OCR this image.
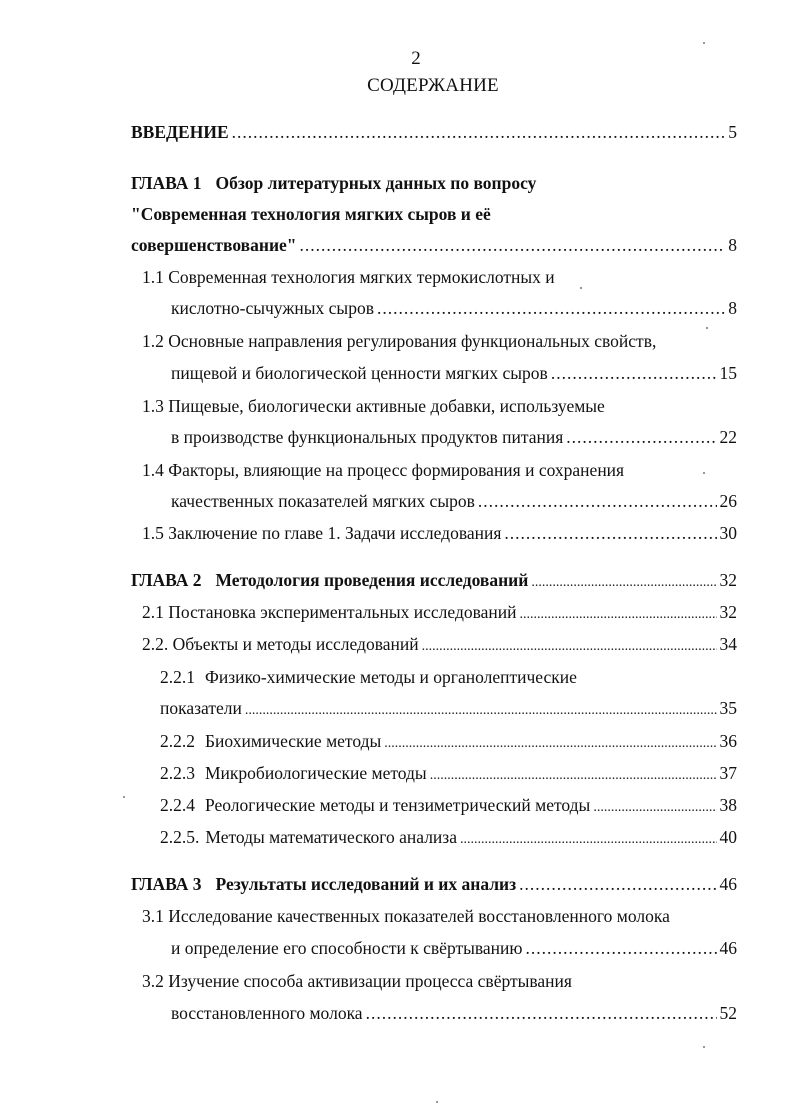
2
СОДЕРЖАНИЕ
ВВЕДЕНИЕ .....	5
ГЛАВА 1 Обзор литературных данных по вопросу
"Современная технология мягких сыров и её
совершенствование" .....	8
1.1 Современная технология мягких термокислотных и
кислотно-сычужных сыров .....	8
1.2 Основные направления регулирования функциональных свойств,
пищевой и биологической ценности мягких сыров .....	15
1.3 Пищевые, биологически активные добавки, используемые
в производстве функциональных продуктов питания .....	22
1.4 Факторы, влияющие на процесс формирования и сохранения
качественных показателей мягких сыров .....	26
1.5 Заключение по главе 1. Задачи исследования .....	30
ГЛАВА 2 Методология проведения исследований .....	32
2.1 Постановка экспериментальных исследований .....	32
2.2. Объекты и методы исследований .....	34
2.2.1 Физико-химические методы и органолептические
показатели .....	35
2.2.2 Биохимические методы .....	36
2.2.3 Микробиологические методы .....	37
2.2.4 Реологические методы и тензиметрический методы .....	38
2.2.5. Методы математического анализа .....	40
ГЛАВА 3 Результаты исследований и их анализ .....	46
3.1 Исследование качественных показателей восстановленного молока
и определение его способности к свёртыванию .....	46
3.2 Изучение способа активизации процесса свёртывания
восстановленного молока .....	52
